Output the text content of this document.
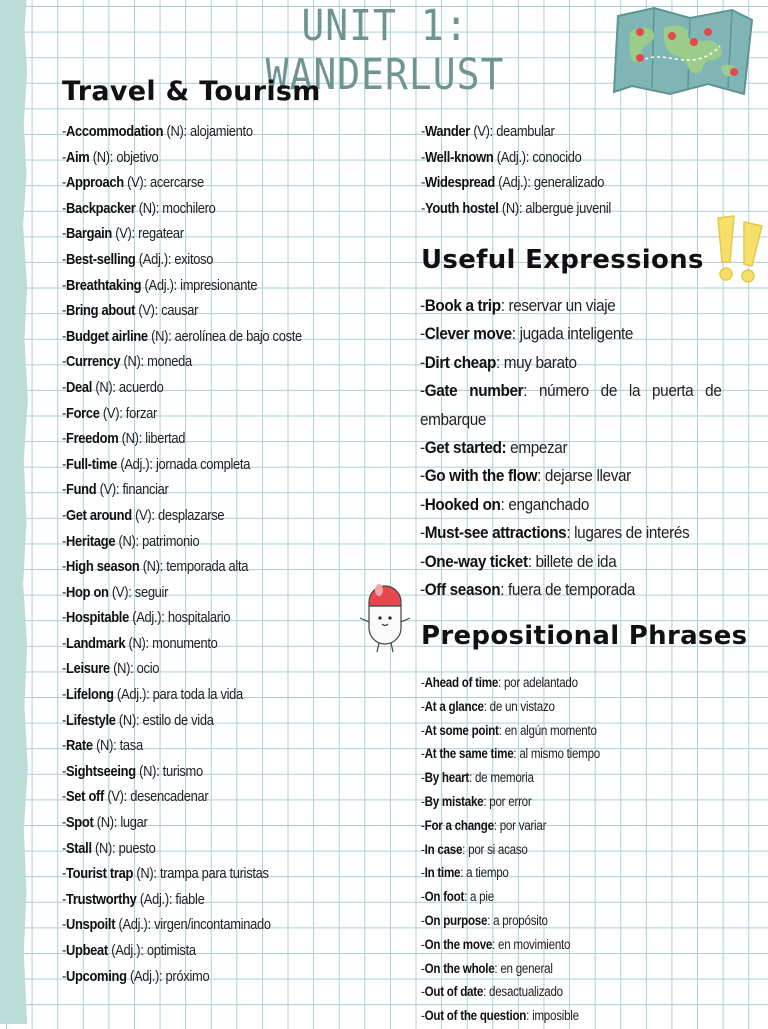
UNIT 1: WANDERLUST
Travel & Tourism
Useful Expressions
Prepositional Phrases
-Accommodation (N): alojamiento
-Aim (N): objetivo
-Approach (V): acercarse
-Backpacker (N): mochilero
-Bargain (V): regatear
-Best-selling (Adj.): exitoso
-Breathtaking (Adj.): impresionante
-Bring about (V): causar
-Budget airline (N): aerolínea de bajo coste
-Currency (N): moneda
-Deal (N): acuerdo
-Force (V): forzar
-Freedom (N): libertad
-Full-time (Adj.): jornada completa
-Fund (V): financiar
-Get around (V): desplazarse
-Heritage (N): patrimonio
-High season (N): temporada alta
-Hop on (V): seguir
-Hospitable (Adj.): hospitalario
-Landmark (N): monumento
-Leisure (N): ocio
-Lifelong (Adj.): para toda la vida
-Lifestyle (N): estilo de vida
-Rate (N): tasa
-Sightseeing (N): turismo
-Set off (V): desencadenar
-Spot (N): lugar
-Stall (N): puesto
-Tourist trap (N): trampa para turistas
-Trustworthy (Adj.): fiable
-Unspoilt (Adj.): virgen/incontaminado
-Upbeat (Adj.): optimista
-Upcoming (Adj.): próximo
-Wander (V): deambular
-Well-known (Adj.): conocido
-Widespread (Adj.): generalizado
-Youth hostel (N): albergue juvenil
-Book a trip: reservar un viaje
-Clever move: jugada inteligente
-Dirt cheap: muy barato
-Gate number: número de la puerta de embarque
-Get started: empezar
-Go with the flow: dejarse llevar
-Hooked on: enganchado
-Must-see attractions: lugares de interés
-One-way ticket: billete de ida
-Off season: fuera de temporada
-Ahead of time: por adelantado
-At a glance: de un vistazo
-At some point: en algún momento
-At the same time: al mismo tiempo
-By heart: de memoria
-By mistake: por error
-For a change: por variar
-In case: por si acaso
-In time: a tiempo
-On foot: a pie
-On purpose: a propósito
-On the move: en movimiento
-On the whole: en general
-Out of date: desactualizado
-Out of the question: imposible
